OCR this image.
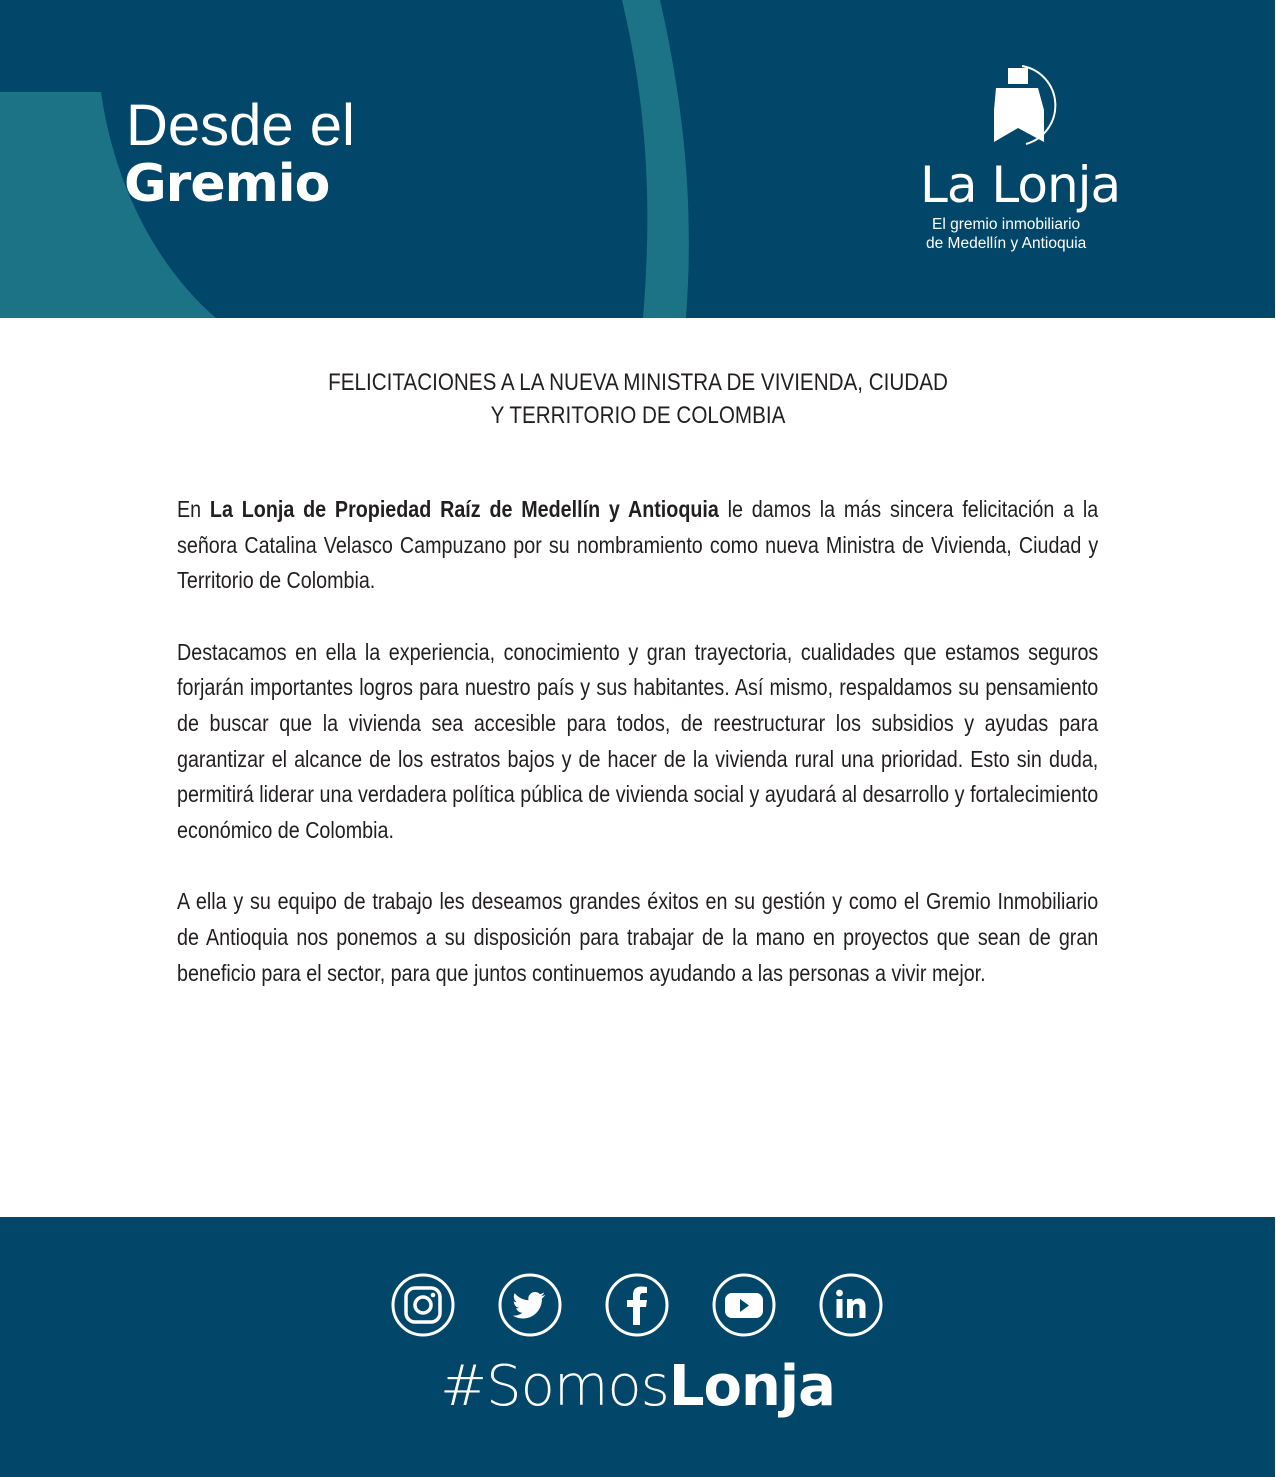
Desde el
Gremio	La Lonja
El gremio inmobiliario
de Medellín y Antioquia
FELICITACIONES A LA NUEVA MINISTRA DE VIVIENDA, CIUDAD
Y TERRITORIO DE COLOMBIA

En La Lonja de Propiedad Raíz de Medellín y Antioquia le damos la más sincera felicitación a la señora Catalina Velasco Campuzano por su nombramiento como nueva Ministra de Vivienda, Ciudad y Territorio de Colombia.

Destacamos en ella la experiencia, conocimiento y gran trayectoria, cualidades que estamos seguros forjarán importantes logros para nuestro país y sus habitantes. Así mismo, respaldamos su pensamiento de buscar que la vivienda sea accesible para todos, de reestructurar los subsidios y ayudas para garantizar el alcance de los estratos bajos y de hacer de la vivienda rural una prioridad. Esto sin duda, permitirá liderar una verdadera política pública de vivienda social y ayudará al desarrollo y fortalecimiento económico de Colombia.

A ella y su equipo de trabajo les deseamos grandes éxitos en su gestión y como el Gremio Inmobiliario de Antioquia nos ponemos a su disposición para trabajar de la mano en proyectos que sean de gran beneficio para el sector, para que juntos continuemos ayudando a las personas a vivir mejor.

#SomosLonja
